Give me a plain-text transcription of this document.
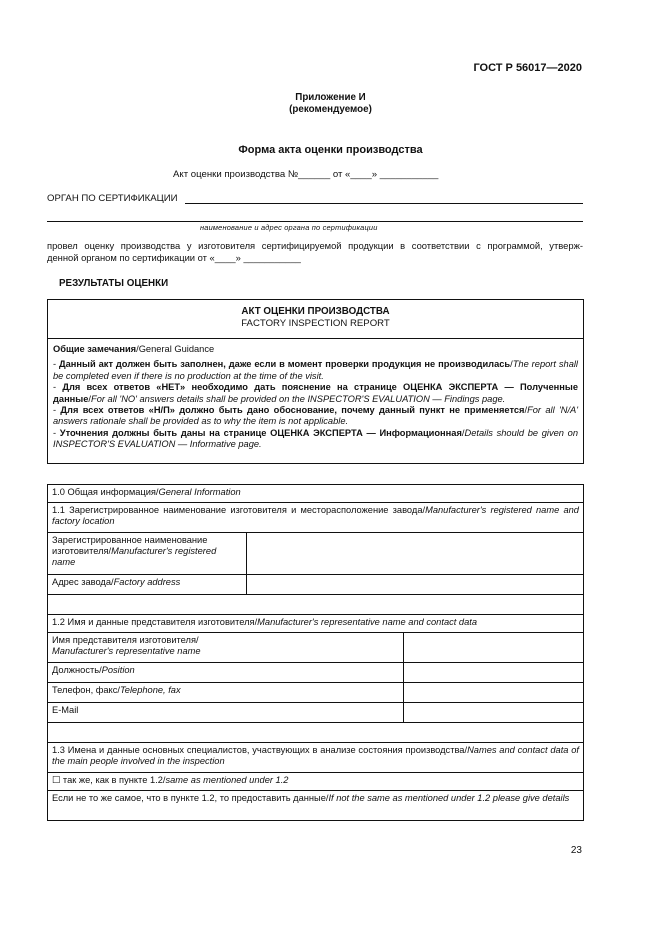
ГОСТ Р 56017—2020
Приложение И
(рекомендуемое)
Форма акта оценки производства
Акт оценки производства №______ от «____» ___________
ОРГАН ПО СЕРТИФИКАЦИИ
наименование и адрес органа по сертификации
провел оценку производства у изготовителя сертифицируемой продукции в соответствии с программой, утверж-
денной органом по сертификации от «____» ___________
РЕЗУЛЬТАТЫ ОЦЕНКИ
АКТ ОЦЕНКИ ПРОИЗВОДСТВА
FACTORY INSPECTION REPORT
Общие замечания/General Guidance
- Данный акт должен быть заполнен, даже если в момент проверки продукция не производилась/The report shall be completed even if there is no production at the time of the visit.
- Для всех ответов «НЕТ» необходимо дать пояснение на странице ОЦЕНКА ЭКСПЕРТА — Полученные данные/For all 'NO' answers details shall be provided on the INSPECTOR'S EVALUATION — Findings page.
- Для всех ответов «Н/П» должно быть дано обоснование, почему данный пункт не применяется/For all 'N/A' answers rationale shall be provided as to why the item is not applicable.
- Уточнения должны быть даны на странице ОЦЕНКА ЭКСПЕРТА — Информационная/Details should be given on INSPECTOR'S EVALUATION — Informative page.
1.0 Общая информация/General Information		
1.1 Зарегистрированное наименование изготовителя и месторасположение завода/Manufacturer's registered name and factory location		
Зарегистрированное наименование изготовителя/Manufacturer's registered name		
Адрес завода/Factory address		

1.2 Имя и данные представителя изготовителя/Manufacturer's representative name and contact data		
Имя представителя изготовителя/
Manufacturer's representative name		
Должность/Position		
Телефон, факс/Telephone, fax		
E-Mail		

1.3 Имена и данные основных специалистов, участвующих в анализе состояния производства/Names and contact data of the main people involved in the inspection		
☐ так же, как в пункте 1.2/same as mentioned under 1.2		
Если не то же самое, что в пункте 1.2, то предоставить данные/If not the same as mentioned under 1.2 please give details		
23
